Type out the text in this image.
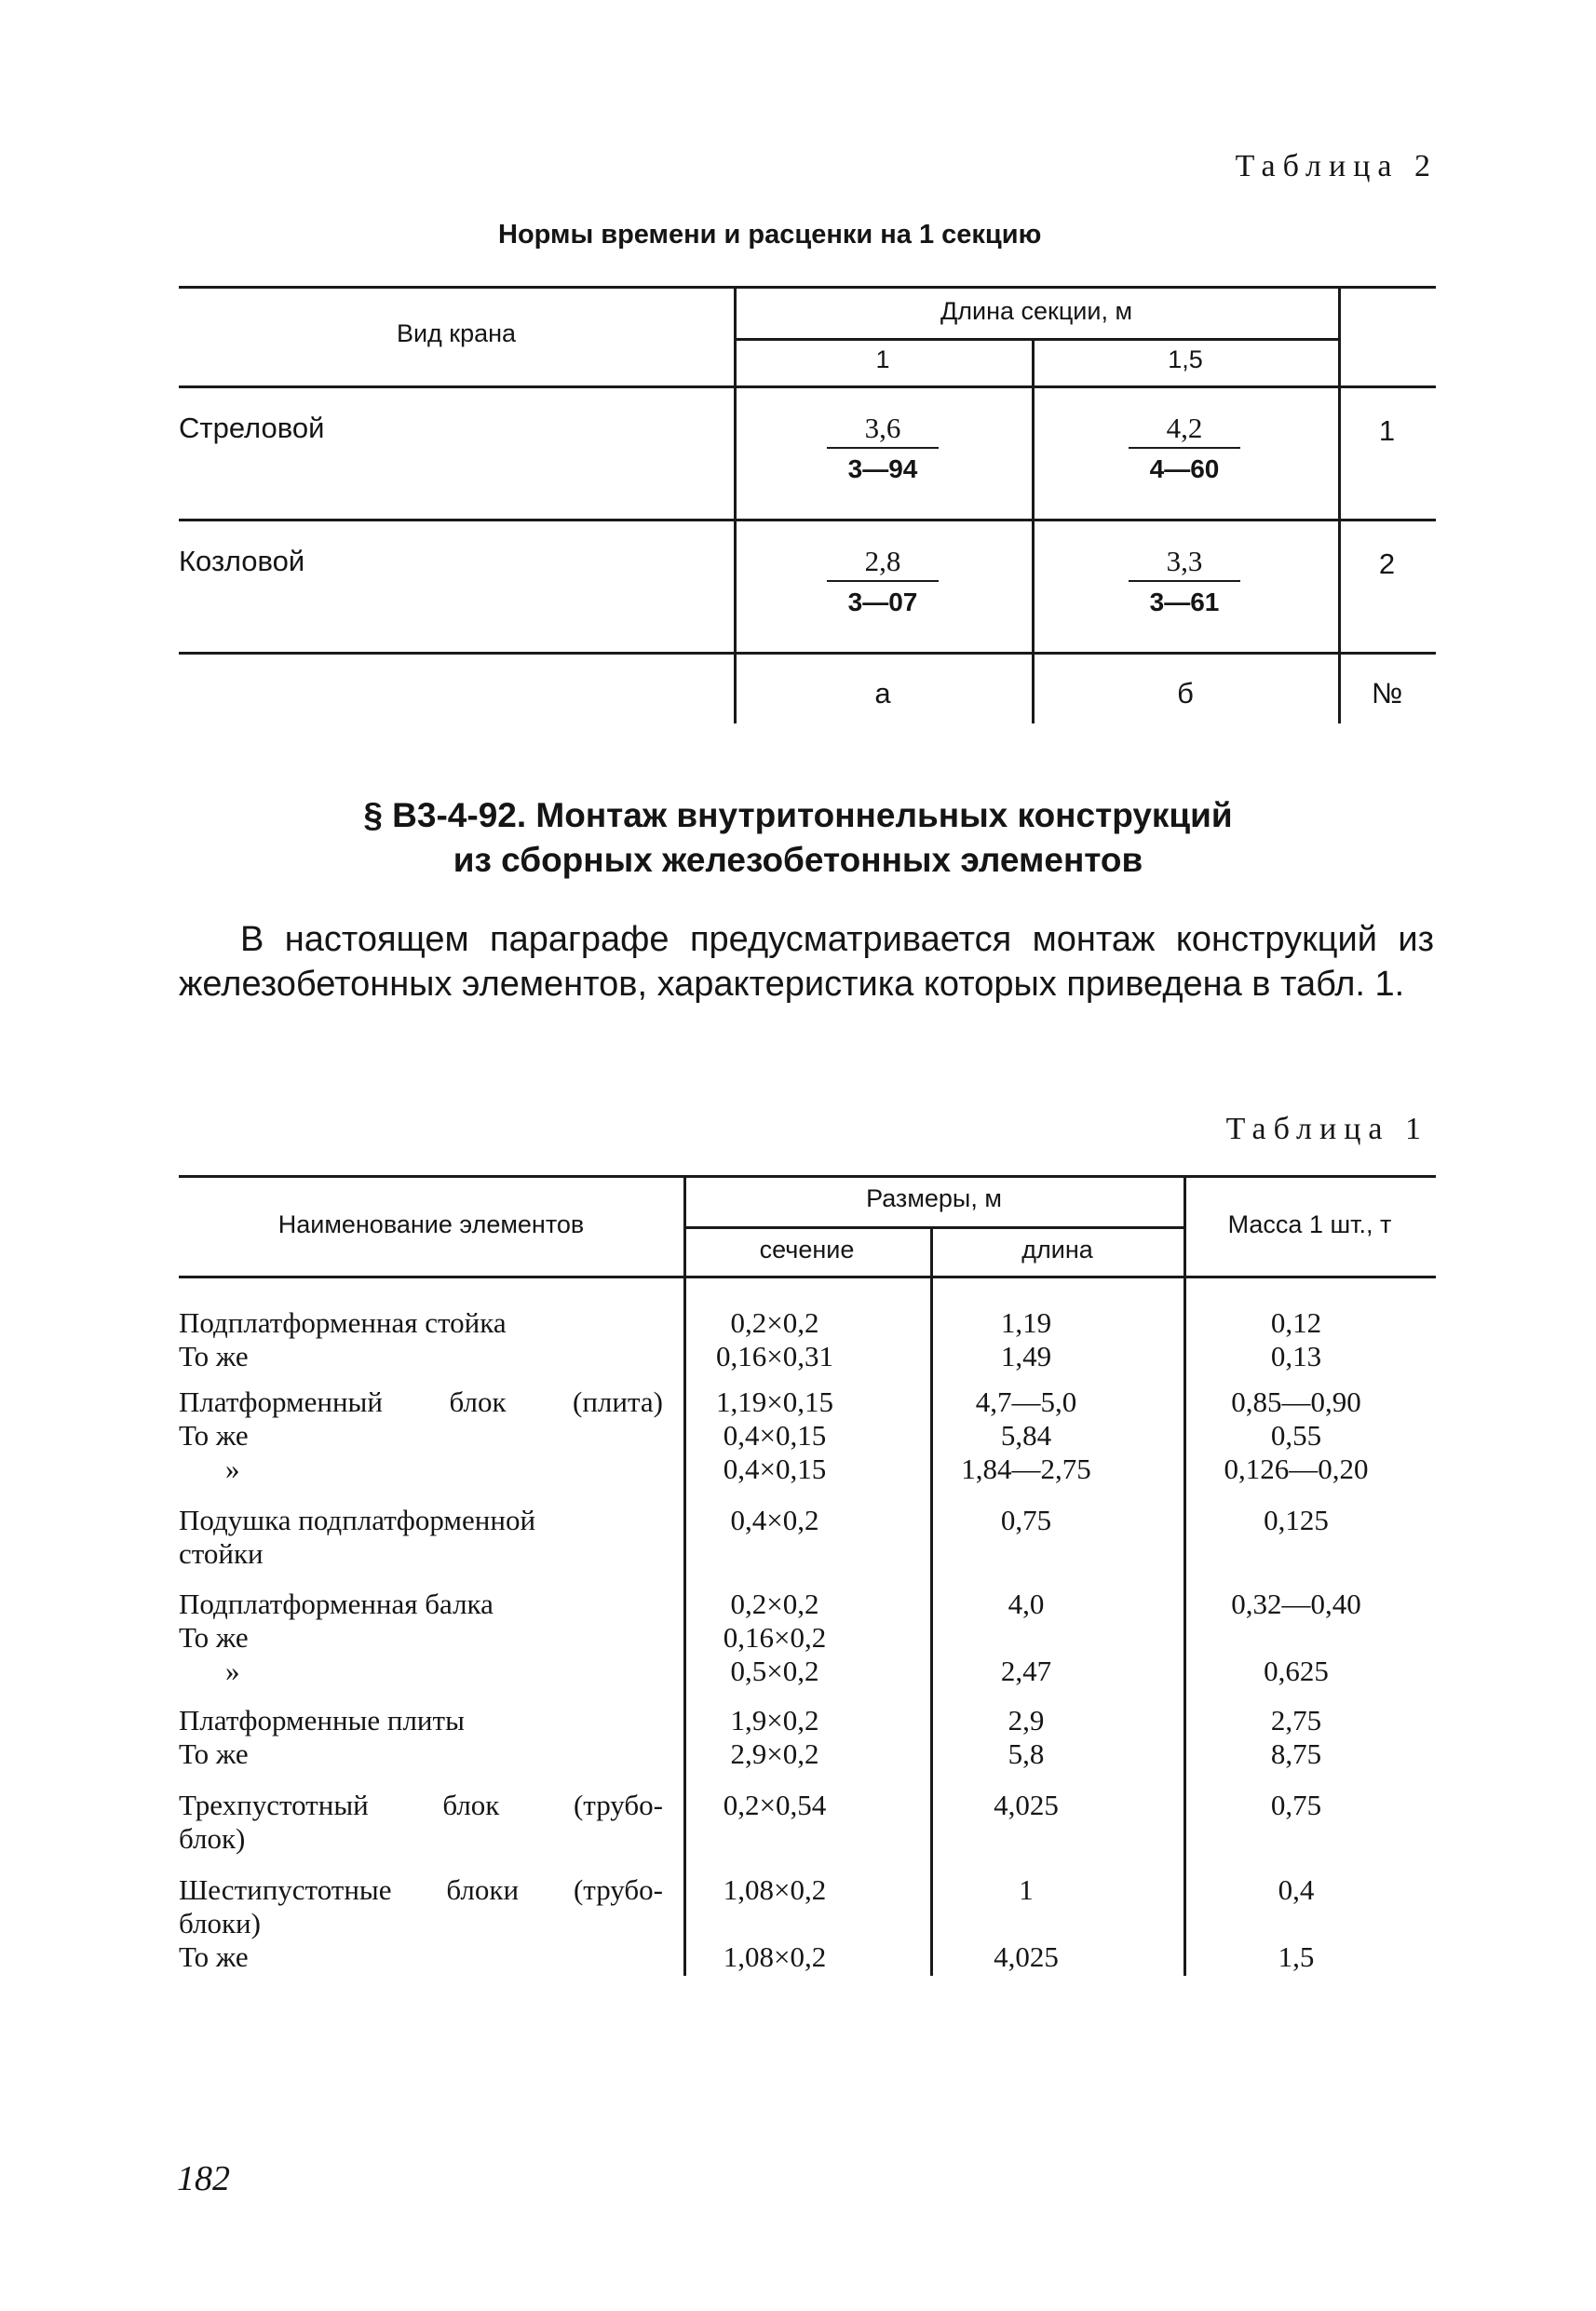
Таблица 2
Нормы времени и расценки на 1 секцию
Вид крана
Длина секции, м
1	1,5
Стреловой	$\frac{3,6}{3—94}$	$\frac{4,2}{4—60}$	1
Козловой	$\frac{2,8}{3—07}$	$\frac{3,3}{3—61}$	2
а	б	№
§ В3-4-92. Монтаж внутритоннельных конструкций
из сборных железобетонных элементов
В настоящем параграфе предусматривается монтаж конструкций из железобетонных элементов, характеристика которых приведена в табл. 1.
Таблица 1
Наименование элементов
Размеры, м
сечение	длина
Масса 1 шт., т
Подплатформенная стойка	0,2×0,2	1,19	0,12
То же	0,16×0,31	1,49	0,13
Платформенный блок (плита)	1,19×0,15	4,7—5,0	0,85—0,90
То же	0,4×0,15	5,84	0,55
»	0,4×0,15	1,84—2,75	0,126—0,20
Подушка подплатформенной	0,4×0,2	0,75	0,125
стойки
Подплатформенная балка	0,2×0,2	4,0	0,32—0,40
То же	0,16×0,2
»	0,5×0,2	2,47	0,625
Платформенные плиты	1,9×0,2	2,9	2,75
То же	2,9×0,2	5,8	8,75
Трехпустотный блок (трубо-	0,2×0,54	4,025	0,75
блок)
Шестипустотные блоки (трубо-	1,08×0,2	1	0,4
блоки)
То же	1,08×0,2	4,025	1,5
182
